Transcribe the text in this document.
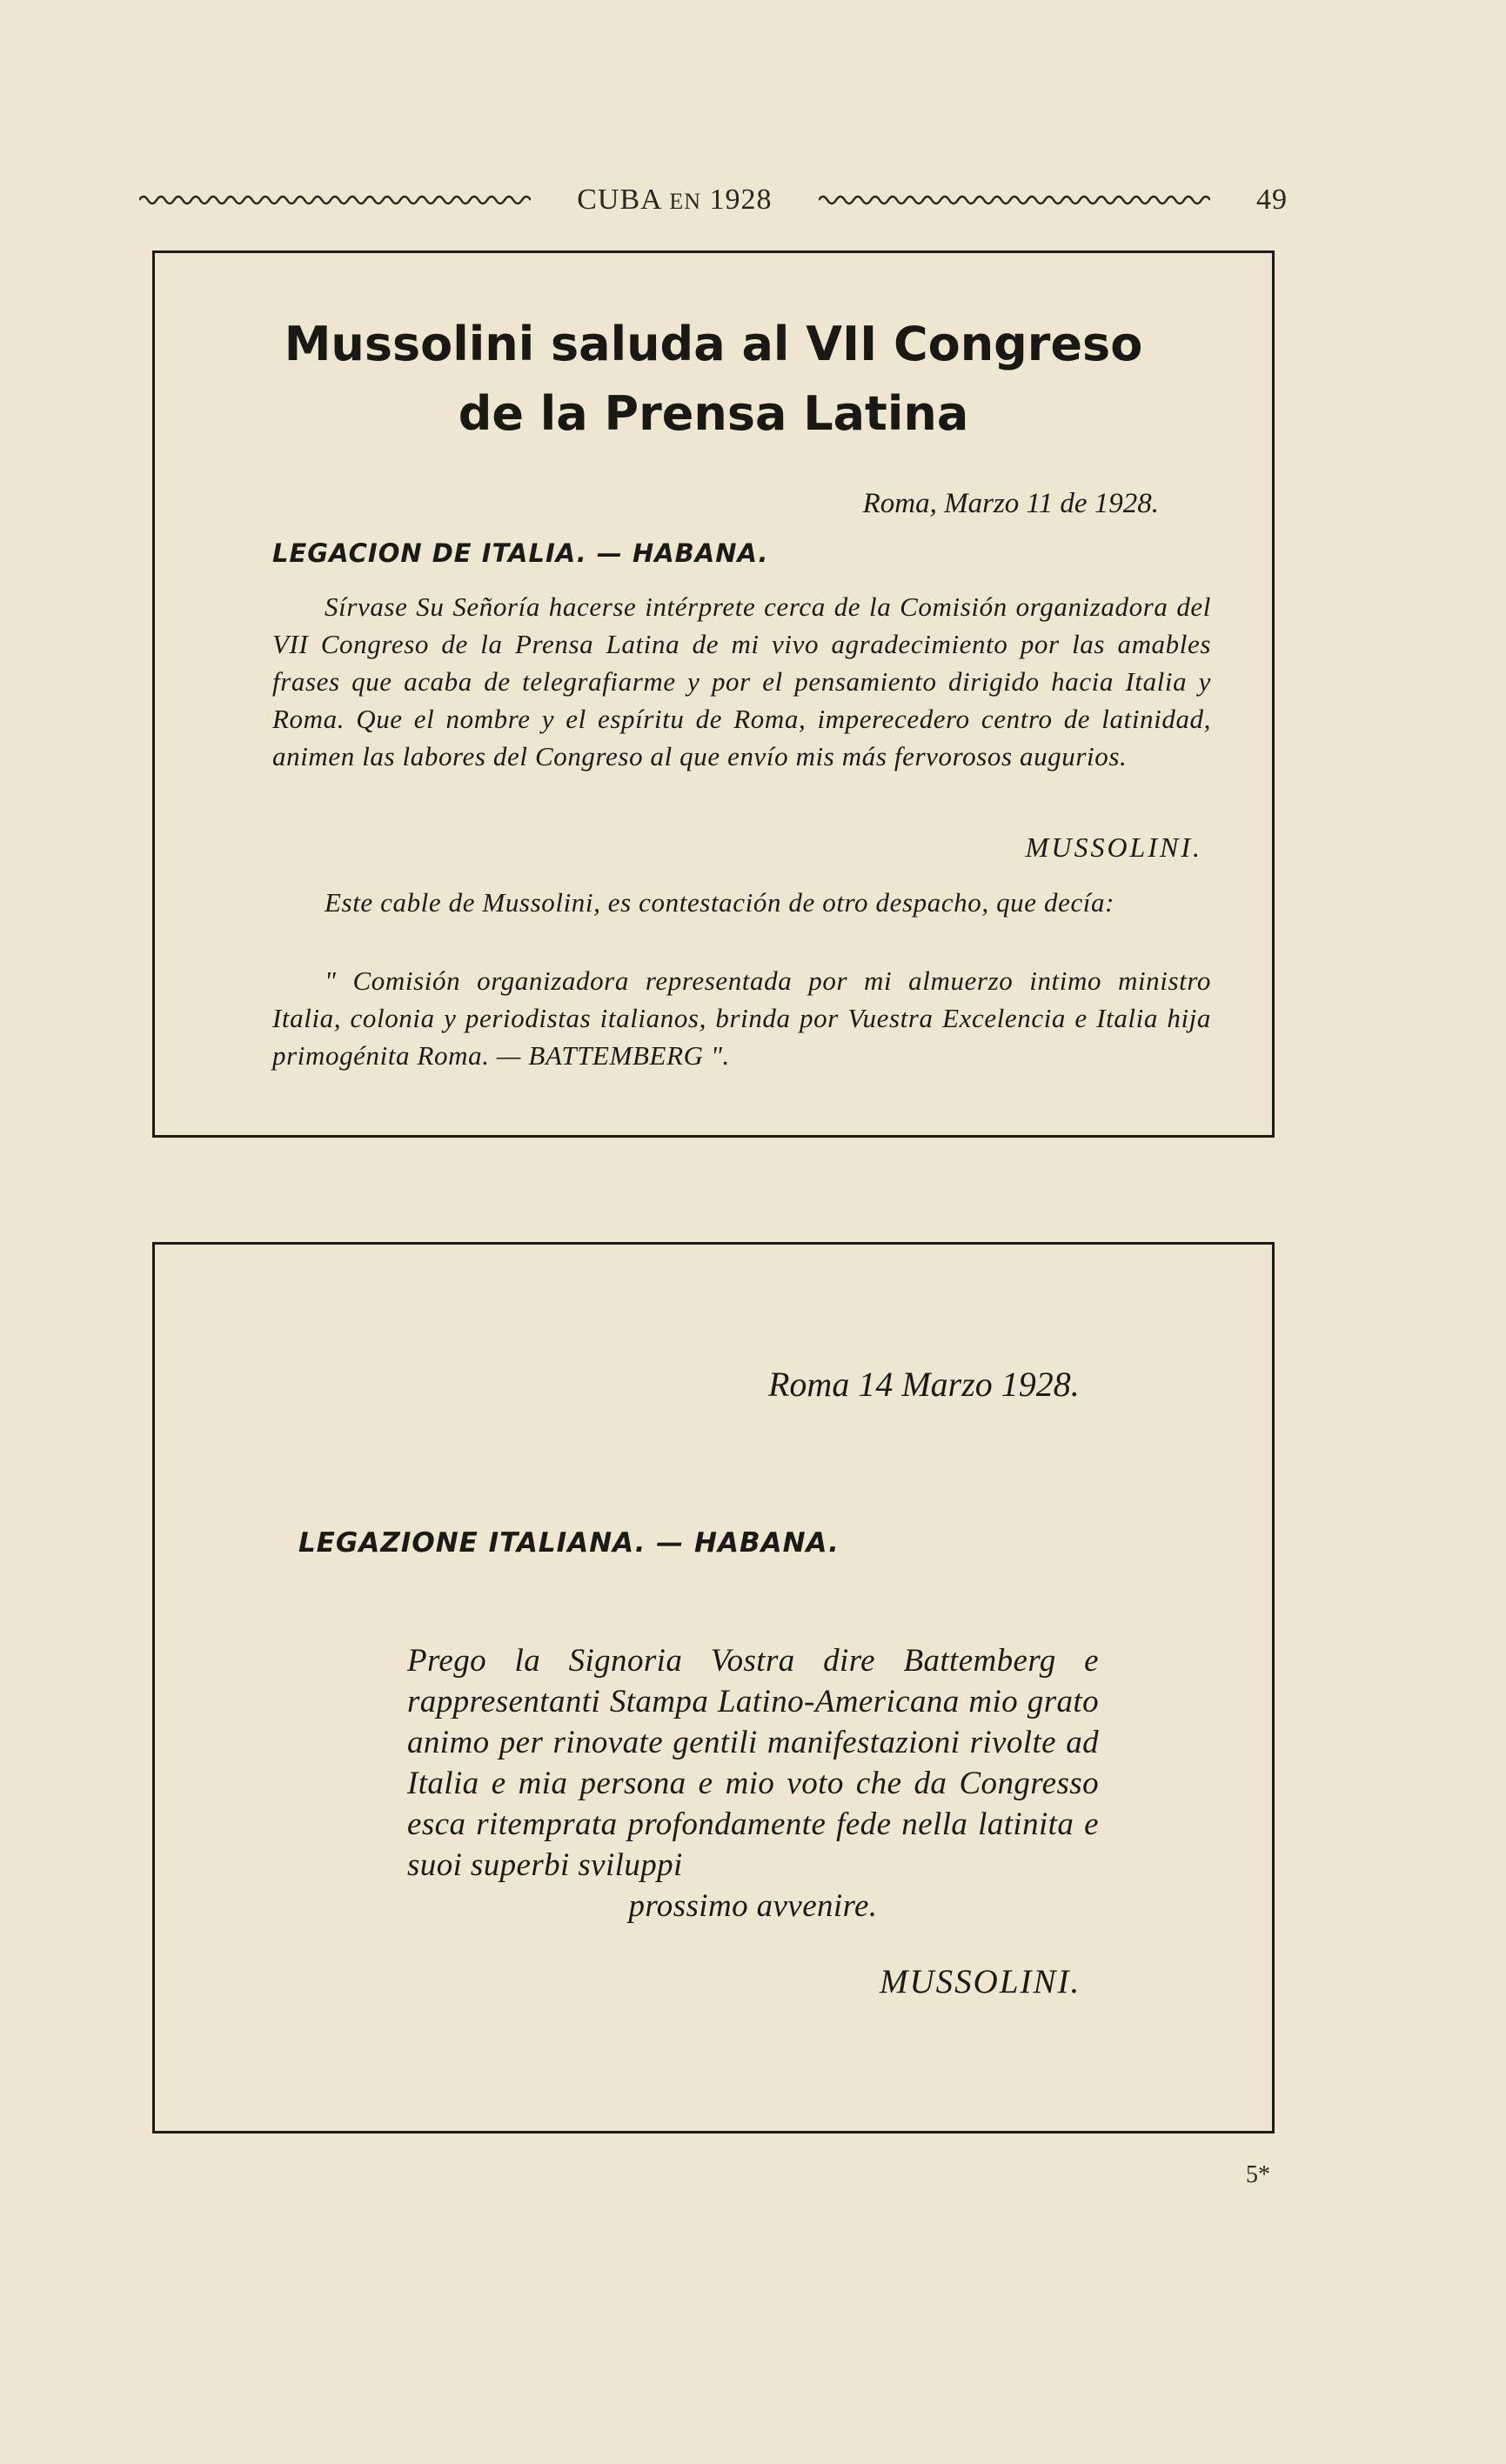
CUBA EN 1928	49
Mussolini saluda al VII Congreso
de la Prensa Latina
Roma, Marzo 11 de 1928.
LEGACION DE ITALIA. — HABANA.

Sírvase Su Señoría hacerse intérprete cerca de la Comisión organizadora del VII Congreso de la Prensa Latina de mi vivo agradecimiento por las amables frases que acaba de telegrafiarme y por el pensamiento dirigido hacia Italia y Roma. Que el nombre y el espíritu de Roma, imperecedero centro de latinidad, animen las labores del Congreso al que envío mis más fervorosos augurios.

MUSSOLINI.

Este cable de Mussolini, es contestación de otro despacho, que decía:

" Comisión organizadora representada por mi almuerzo intimo ministro Italia, colonia y periodistas italianos, brinda por Vuestra Excelencia e Italia hija primogénita Roma. — BATTEMBERG ".

Roma 14 Marzo 1928.
LEGAZIONE ITALIANA. — HABANA.

Prego la Signoria Vostra dire Battemberg e rappresentanti Stampa Latino-Americana mio grato animo per rinovate gentili manifestazioni rivolte ad Italia e mia persona e mio voto che da Congresso esca ritemprata profondamente fede nella latinita e suoi superbi sviluppi
prossimo avvenire.

MUSSOLINI.
5*
